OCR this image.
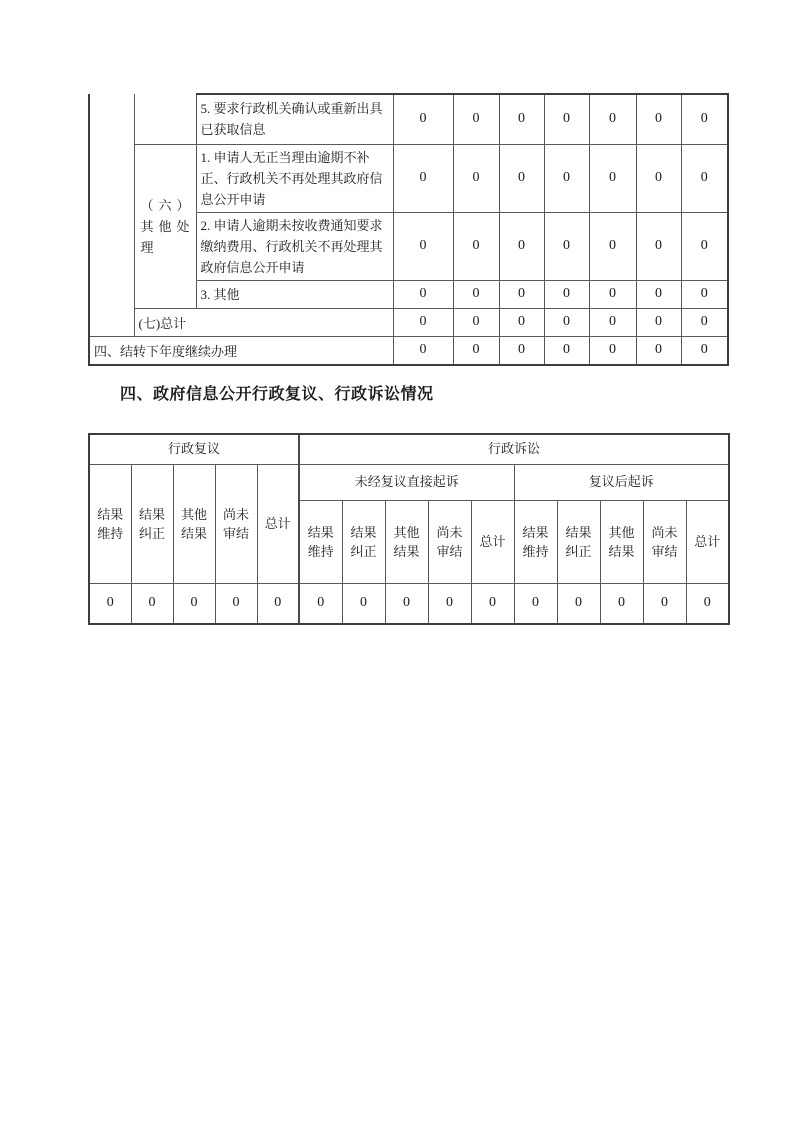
		5. 要求行政机关确认或重新出具已获取信息	0	0	0	0	0	0	0
	（六）其他处理	1. 申请人无正当理由逾期不补正、行政机关不再处理其政府信息公开申请	0	0	0	0	0	0	0
		2. 申请人逾期未按收费通知要求缴纳费用、行政机关不再处理其政府信息公开申请	0	0	0	0	0	0	0
		3. 其他	0	0	0	0	0	0	0
	(七)总计		0	0	0	0	0	0	0
四、结转下年度继续办理			0	0	0	0	0	0	0
四、政府信息公开行政复议、行政诉讼情况
行政复议					行政诉讼									
结果维持	结果纠正	其他结果	尚未审结	总计	未经复议直接起诉					复议后起诉				
					结果维持	结果纠正	其他结果	尚未审结	总计	结果维持	结果纠正	其他结果	尚未审结	总计
0	0	0	0	0	0	0	0	0	0	0	0	0	0	0
